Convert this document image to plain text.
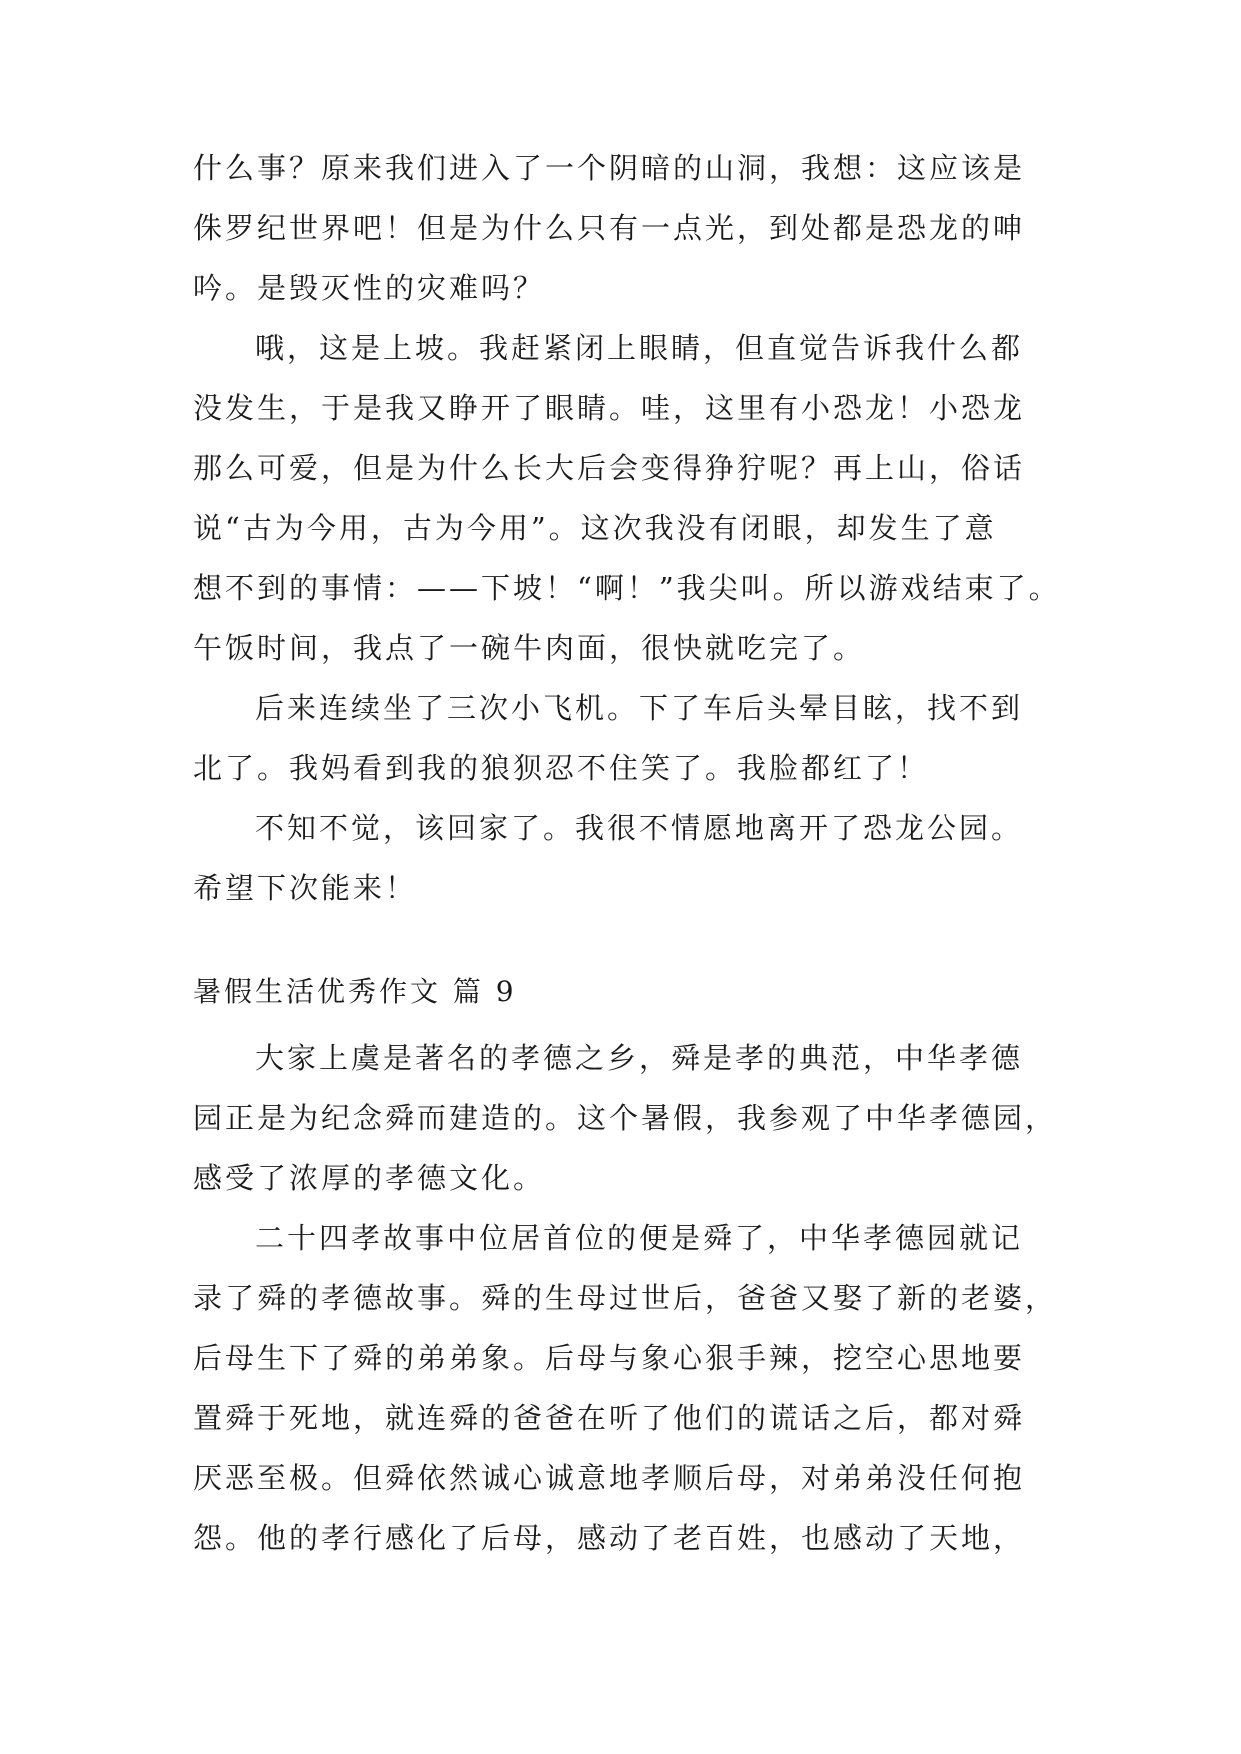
什么事？原来我们进入了一个阴暗的山洞，我想：这应该是
侏罗纪世界吧！但是为什么只有一点光，到处都是恐龙的呻
吟。是毁灭性的灾难吗？
哦，这是上坡。我赶紧闭上眼睛，但直觉告诉我什么都
没发生，于是我又睁开了眼睛。哇，这里有小恐龙！小恐龙
那么可爱，但是为什么长大后会变得狰狞呢？再上山，俗话
说“古为今用，古为今用”。这次我没有闭眼，却发生了意
想不到的事情：——下坡！“啊！”我尖叫。所以游戏结束了。
午饭时间，我点了一碗牛肉面，很快就吃完了。
后来连续坐了三次小飞机。下了车后头晕目眩，找不到
北了。我妈看到我的狼狈忍不住笑了。我脸都红了！
不知不觉，该回家了。我很不情愿地离开了恐龙公园。
希望下次能来！
暑假生活优秀作文 篇 9
大家上虞是著名的孝德之乡，舜是孝的典范，中华孝德
园正是为纪念舜而建造的。这个暑假，我参观了中华孝德园，
感受了浓厚的孝德文化。
二十四孝故事中位居首位的便是舜了，中华孝德园就记
录了舜的孝德故事。舜的生母过世后，爸爸又娶了新的老婆，
后母生下了舜的弟弟象。后母与象心狠手辣，挖空心思地要
置舜于死地，就连舜的爸爸在听了他们的谎话之后，都对舜
厌恶至极。但舜依然诚心诚意地孝顺后母，对弟弟没任何抱
怨。他的孝行感化了后母，感动了老百姓，也感动了天地，
